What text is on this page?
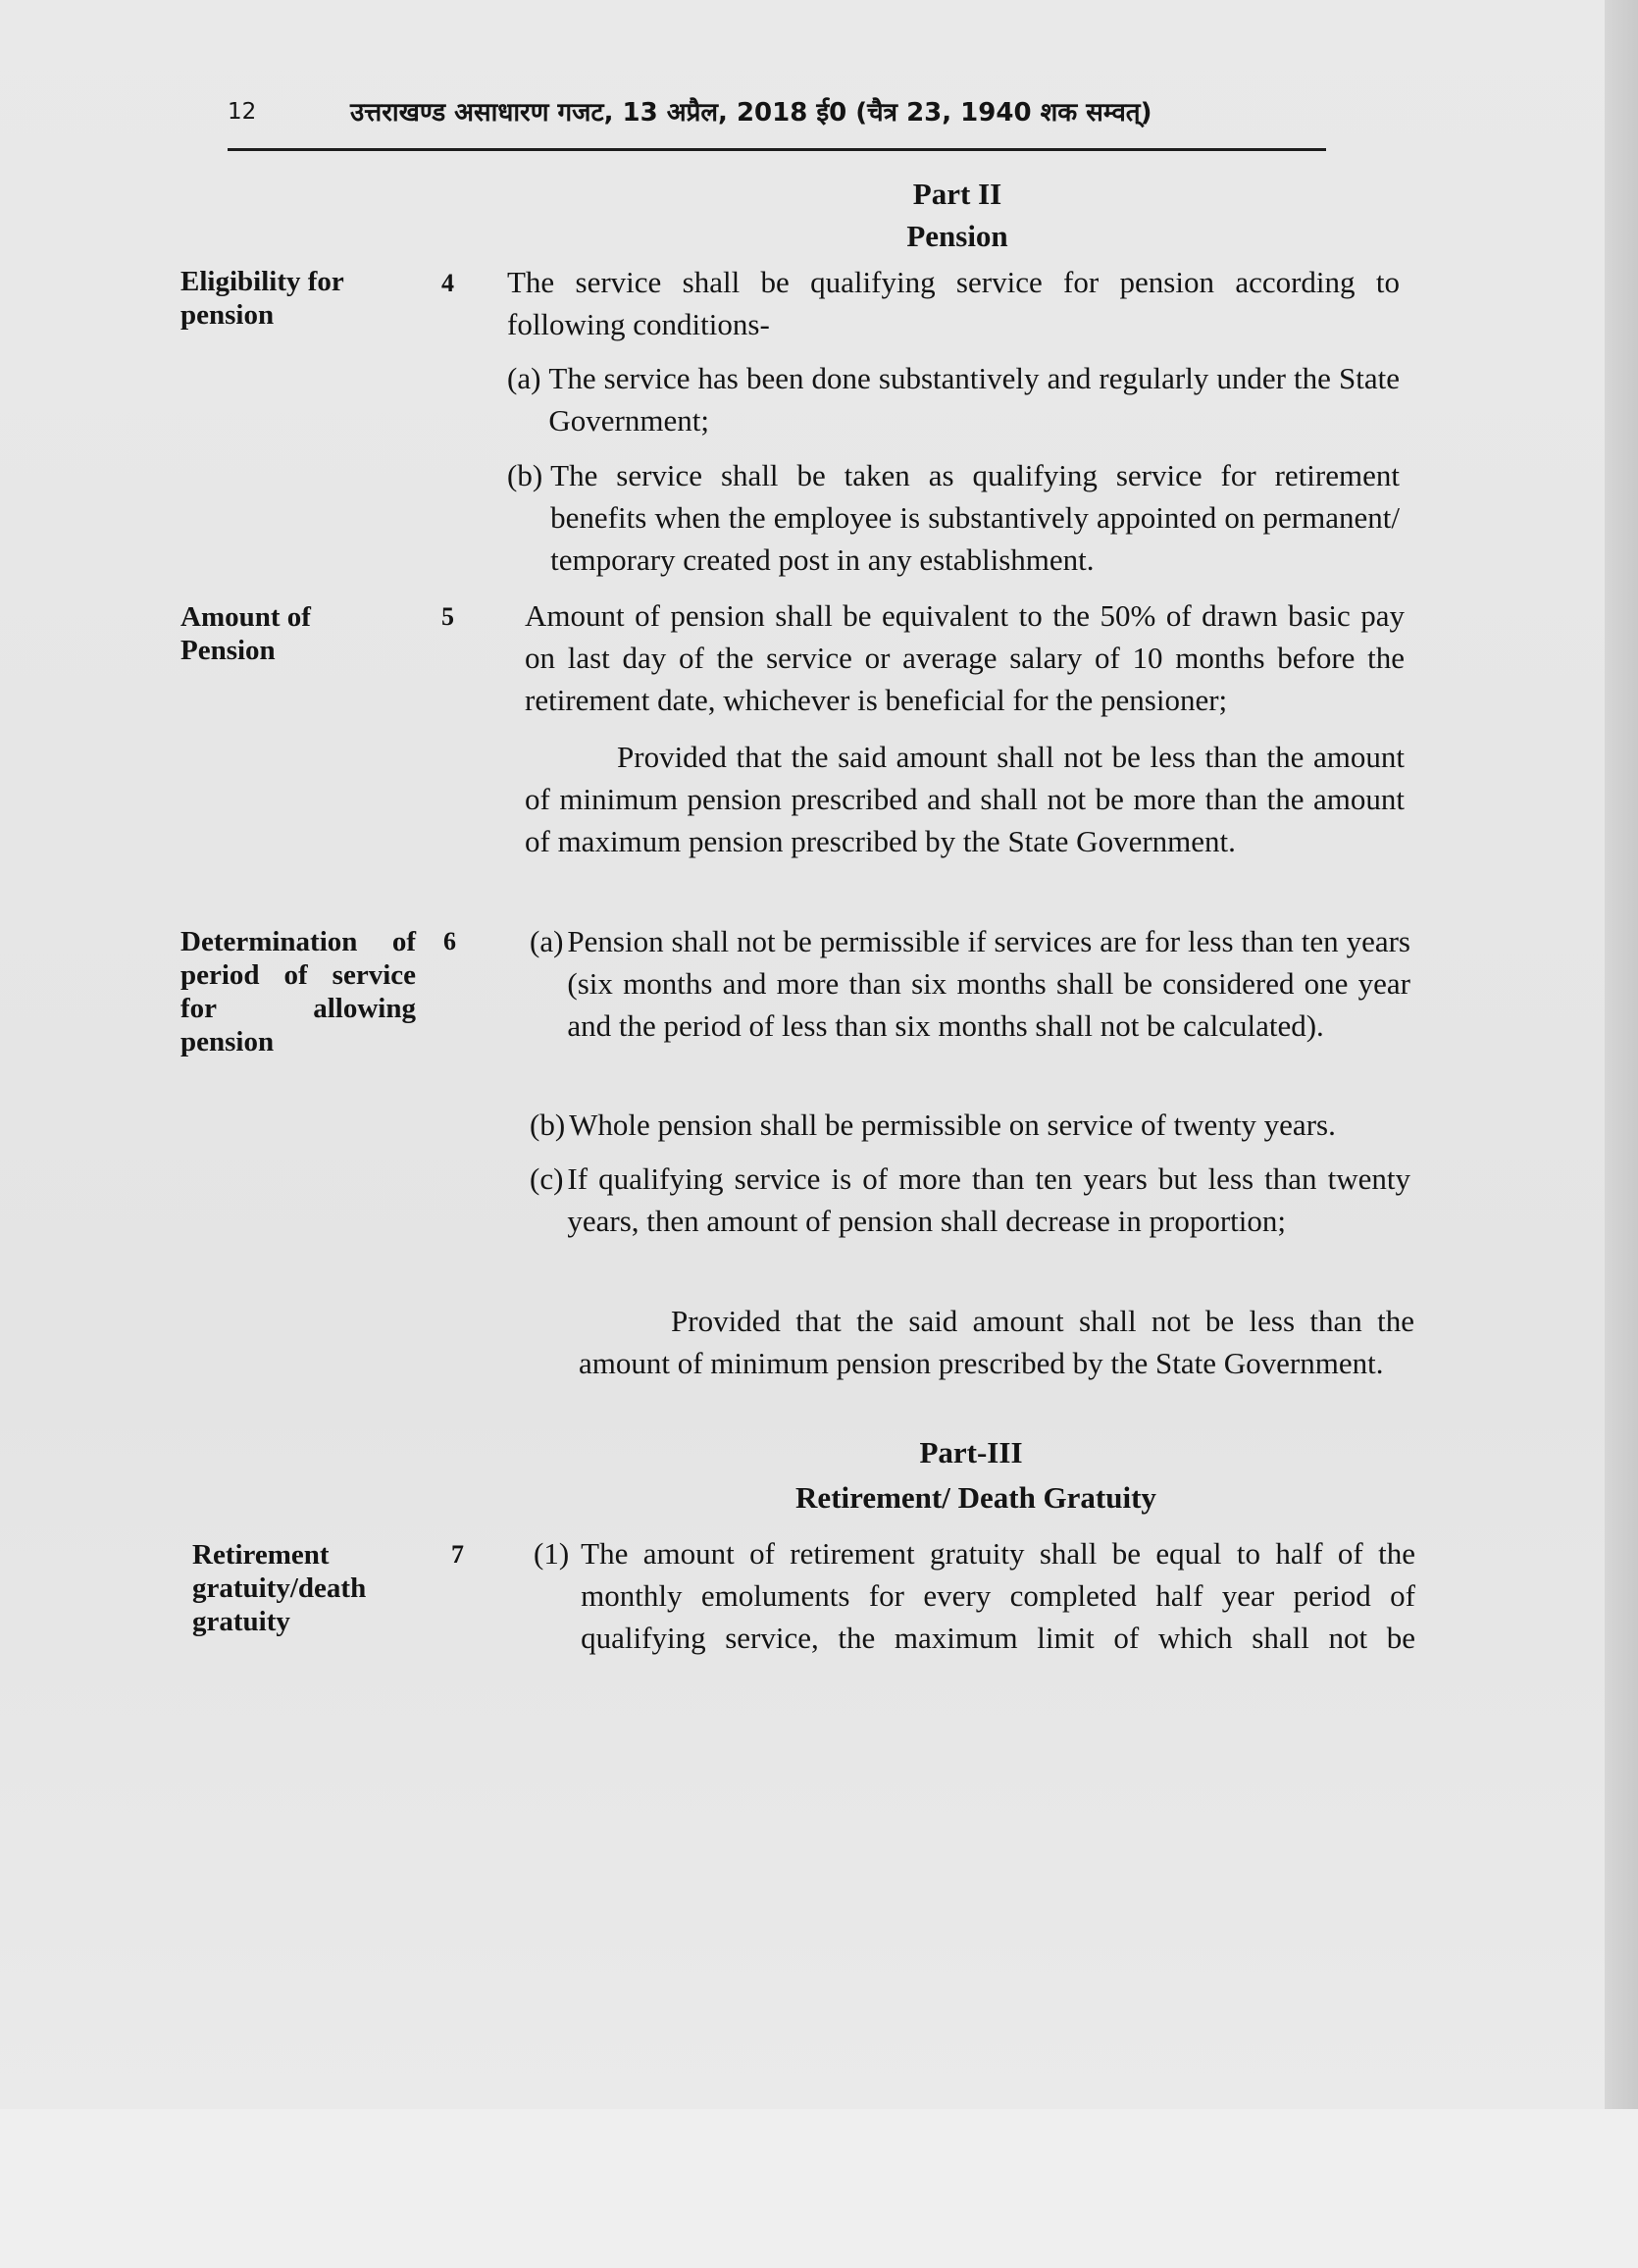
12	उत्तराखण्ड असाधारण गजट, 13 अप्रैल, 2018 ई0 (चैत्र 23, 1940 शक सम्वत्)
Part II
Pension
Eligibility for pension
4 The service shall be qualifying service for pension according to following conditions-
(a) The service has been done substantively and regularly under the State Government;
(b) The service shall be taken as qualifying service for retirement benefits when the employee is substantively appointed on permanent/ temporary created post in any establishment.
Amount of Pension
5 Amount of pension shall be equivalent to the 50% of drawn basic pay on last day of the service or average salary of 10 months before the retirement date, whichever is beneficial for the pensioner;
Provided that the said amount shall not be less than the amount of minimum pension prescribed and shall not be more than the amount of maximum pension prescribed by the State Government.
Determination of period of service for allowing pension
6 (a) Pension shall not be permissible if services are for less than ten years (six months and more than six months shall be considered one year and the period of less than six months shall not be calculated).
(b) Whole pension shall be permissible on service of twenty years.
(c) If qualifying service is of more than ten years but less than twenty years, then amount of pension shall decrease in proportion;
Provided that the said amount shall not be less than the amount of minimum pension prescribed by the State Government.
Part-III
Retirement/ Death Gratuity
Retirement gratuity/death gratuity
7 (1) The amount of retirement gratuity shall be equal to half of the monthly emoluments for every completed half year period of qualifying service, the maximum limit of which shall not be
